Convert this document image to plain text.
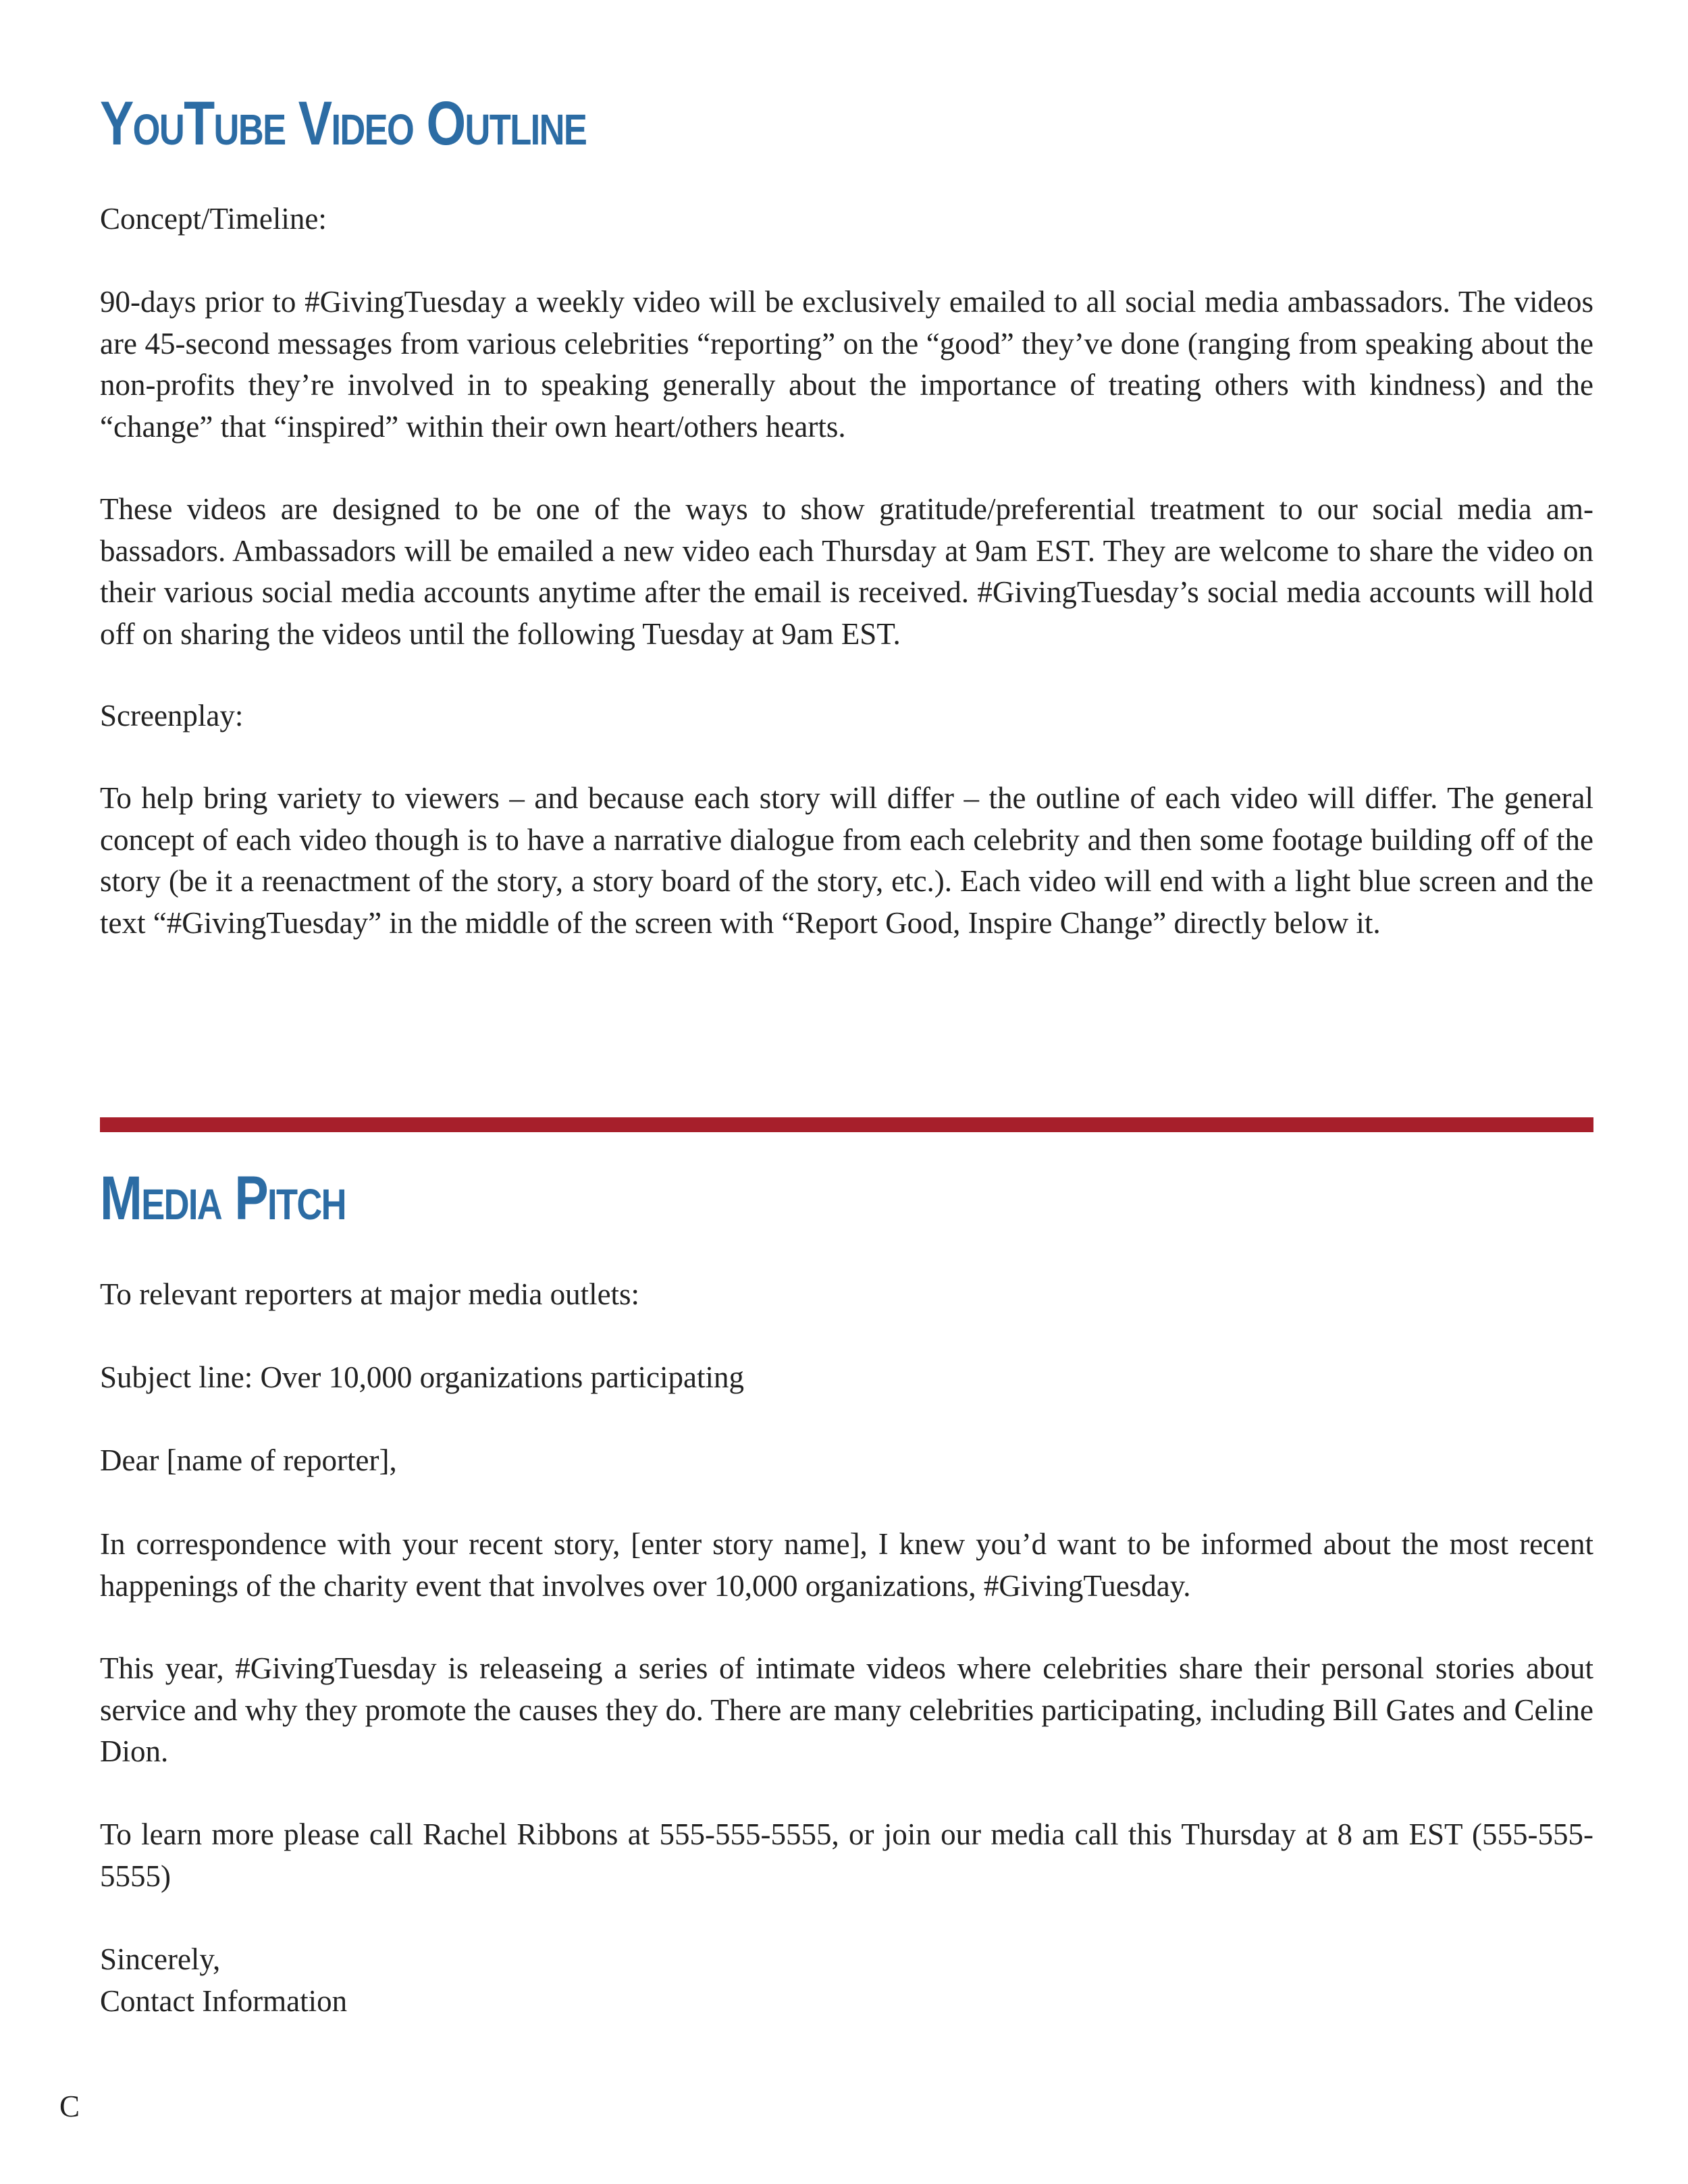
YouTube Video Outline

Concept/Timeline:

90-days prior to #GivingTuesday a weekly video will be exclusively emailed to all social media ambassadors. The videos are 45-second messages from various celebrities “reporting” on the “good” they’ve done (ranging from speaking about the non-profits they’re involved in to speaking generally about the importance of treating others with kindness) and the “change” that “inspired” within their own heart/others hearts.

These videos are designed to be one of the ways to show gratitude/preferential treatment to our social media am-bassadors. Ambassadors will be emailed a new video each Thursday at 9am EST. They are welcome to share the video on their various social media accounts anytime after the email is received. #GivingTuesday’s social media accounts will hold off on sharing the videos until the following Tuesday at 9am EST.

Screenplay:

To help bring variety to viewers – and because each story will differ – the outline of each video will differ. The general concept of each video though is to have a narrative dialogue from each celebrity and then some footage building off of the story (be it a reenactment of the story, a story board of the story, etc.). Each video will end with a light blue screen and the text “#GivingTuesday” in the middle of the screen with “Report Good, Inspire Change” directly below it.

Media Pitch

To relevant reporters at major media outlets:

Subject line: Over 10,000 organizations participating

Dear [name of reporter],

In correspondence with your recent story, [enter story name], I knew you’d want to be informed about the most recent happenings of the charity event that involves over 10,000 organizations, #GivingTuesday.

This year, #GivingTuesday is releaseing a series of intimate videos where celebrities share their personal stories about service and why they promote the causes they do. There are many celebrities participating, including Bill Gates and Celine Dion.

To learn more please call Rachel Ribbons at 555-555-5555, or join our media call this Thursday at 8 am EST (555-555-5555)

Sincerely,

Contact Information

C
